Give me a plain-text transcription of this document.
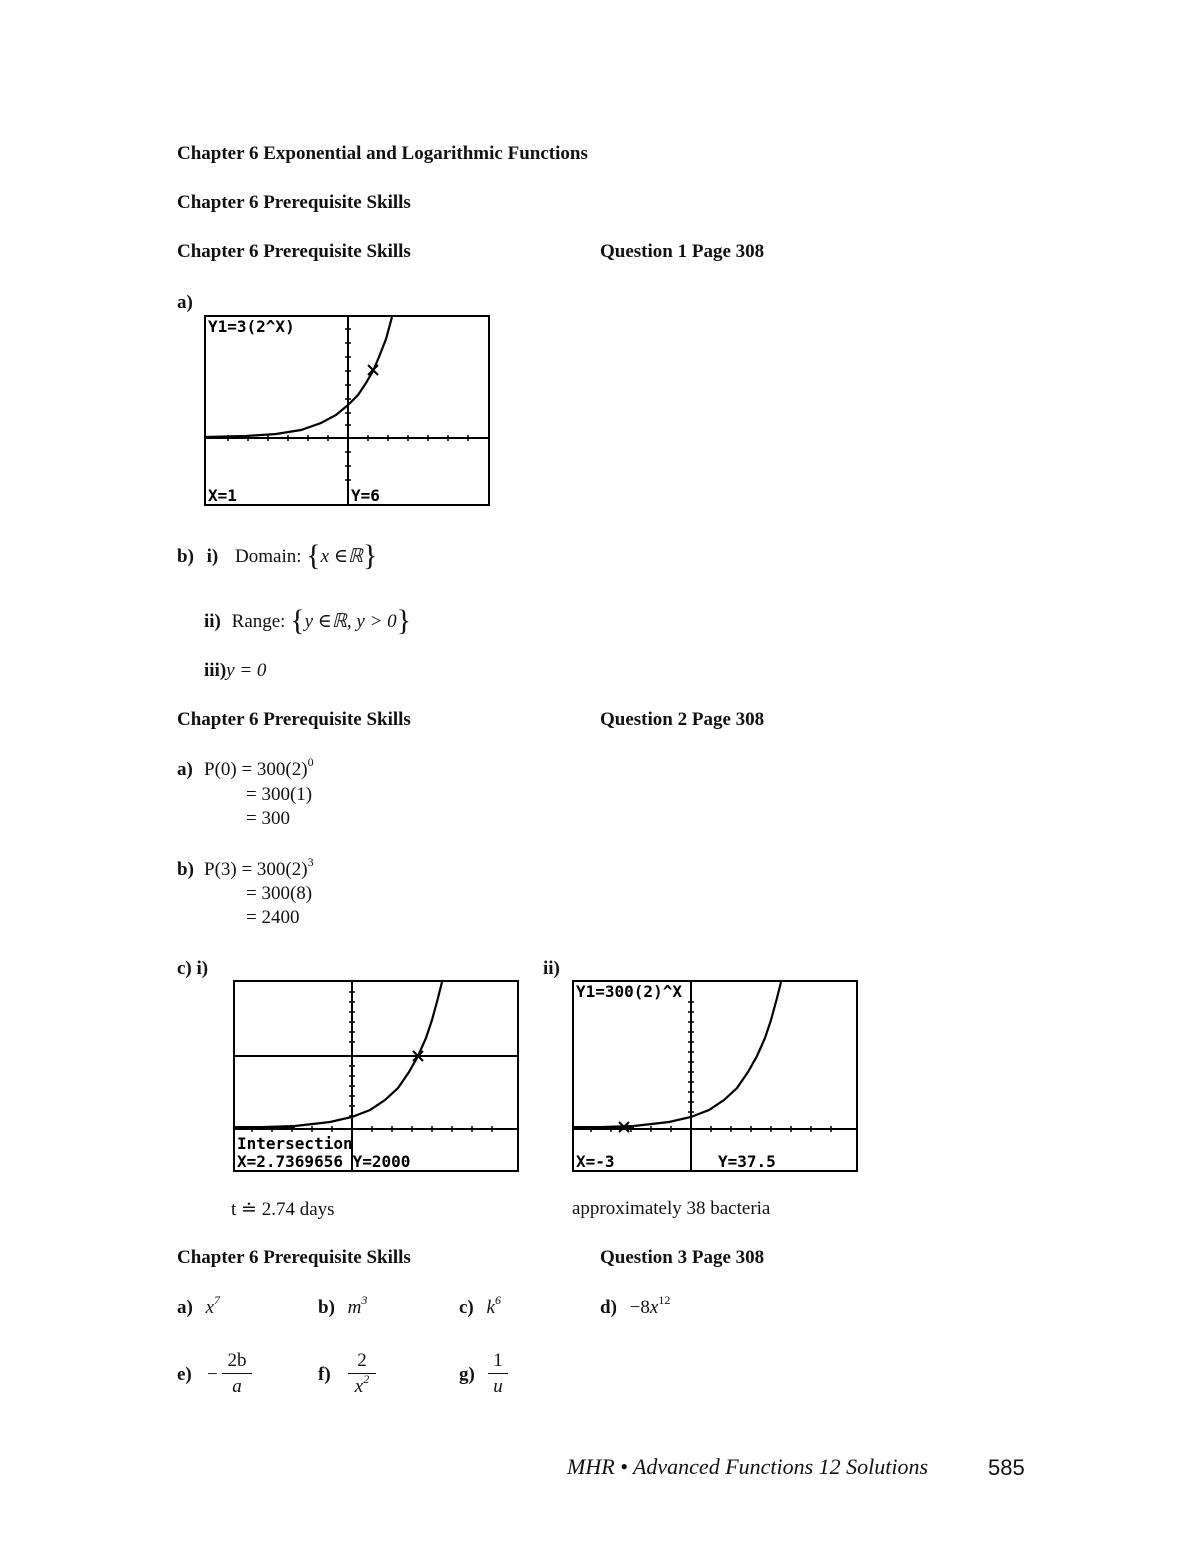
Chapter 6 Exponential and Logarithmic Functions
Chapter 6 Prerequisite Skills
Chapter 6 Prerequisite Skills	Question 1 Page 308
a)
Y1=3(2^X)
X=1	Y=6
b) i) Domain: {x ∈ℝ}
ii) Range: {y ∈ℝ, y > 0}
iii)y = 0
Chapter 6 Prerequisite Skills	Question 2 Page 308
a) $P(0) = 300(2)^0$
= 300(1)
= 300
b) $P(3) = 300(2)^3$
= 300(8)
= 2400
c) i)	ii)
Intersection
X=2.7369656 Y=2000
Y1=300(2)^X
X=-3	Y=37.5
t ≐ 2.74 days	approximately 38 bacteria
Chapter 6 Prerequisite Skills	Question 3 Page 308
a) $x^7$	b) $m^3$	c) $k^6$	$d) -8x^{12}$
$e) - \frac{2b}{a}$	$f) \frac{2}{x^2}$	$g) \frac{1}{u}$
MHR • Advanced Functions 12 Solutions	585
